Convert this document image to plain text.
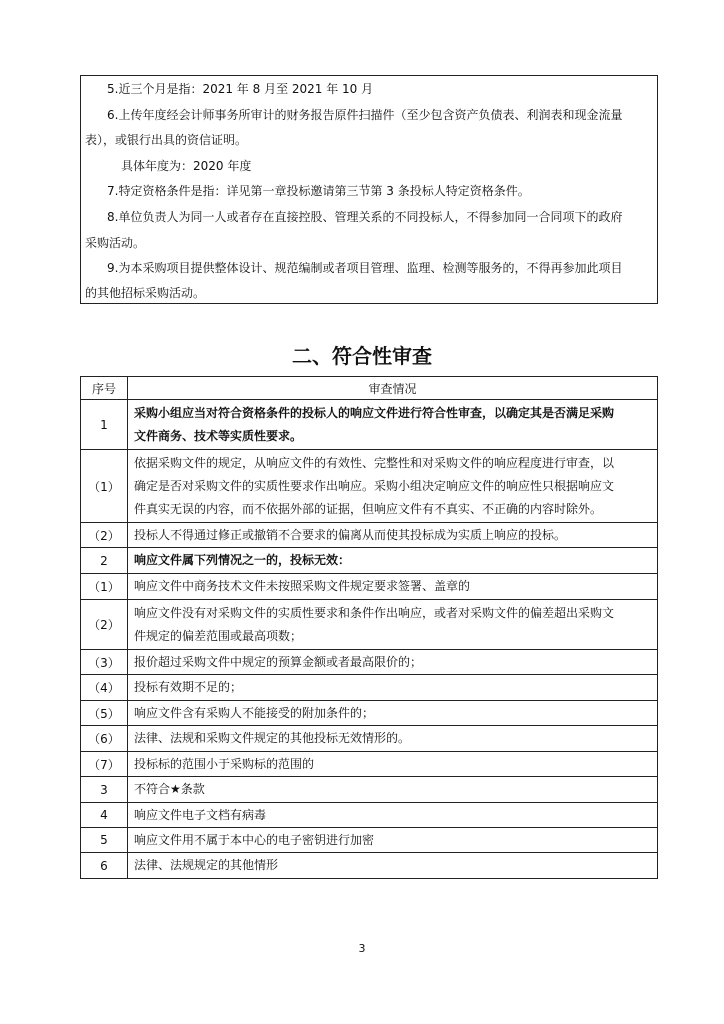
5.近三个月是指：2021 年 8 月至 2021 年 10 月
6.上传年度经会计师事务所审计的财务报告原件扫描件（至少包含资产负债表、利润表和现金流量
表），或银行出具的资信证明。
具体年度为：2020 年度
7.特定资格条件是指：详见第一章投标邀请第三节第 3 条投标人特定资格条件。
8.单位负责人为同一人或者存在直接控股、管理关系的不同投标人，不得参加同一合同项下的政府
采购活动。
9.为本采购项目提供整体设计、规范编制或者项目管理、监理、检测等服务的，不得再参加此项目
的其他招标采购活动。
二、符合性审查
序号	审查情况
1	采购小组应当对符合资格条件的投标人的响应文件进行符合性审查，以确定其是否满足采购
文件商务、技术等实质性要求。

（1）	依据采购文件的规定，从响应文件的有效性、完整性和对采购文件的响应程度进行审查，以
确定是否对采购文件的实质性要求作出响应。采购小组决定响应文件的响应性只根据响应文
件真实无误的内容，而不依据外部的证据，但响应文件有不真实、不正确的内容时除外。

（2）	投标人不得通过修正或撤销不合要求的偏离从而使其投标成为实质上响应的投标。

2	响应文件属下列情况之一的，投标无效：

（1）	响应文件中商务技术文件未按照采购文件规定要求签署、盖章的

（2）	响应文件没有对采购文件的实质性要求和条件作出响应，或者对采购文件的偏差超出采购文
件规定的偏差范围或最高项数；

（3）	报价超过采购文件中规定的预算金额或者最高限价的；

（4）	投标有效期不足的；

（5）	响应文件含有采购人不能接受的附加条件的；

（6）	法律、法规和采购文件规定的其他投标无效情形的。

（7）	投标标的范围小于采购标的范围的

3	不符合★条款

4	响应文件电子文档有病毒

5	响应文件用不属于本中心的电子密钥进行加密

6	法律、法规规定的其他情形
3
